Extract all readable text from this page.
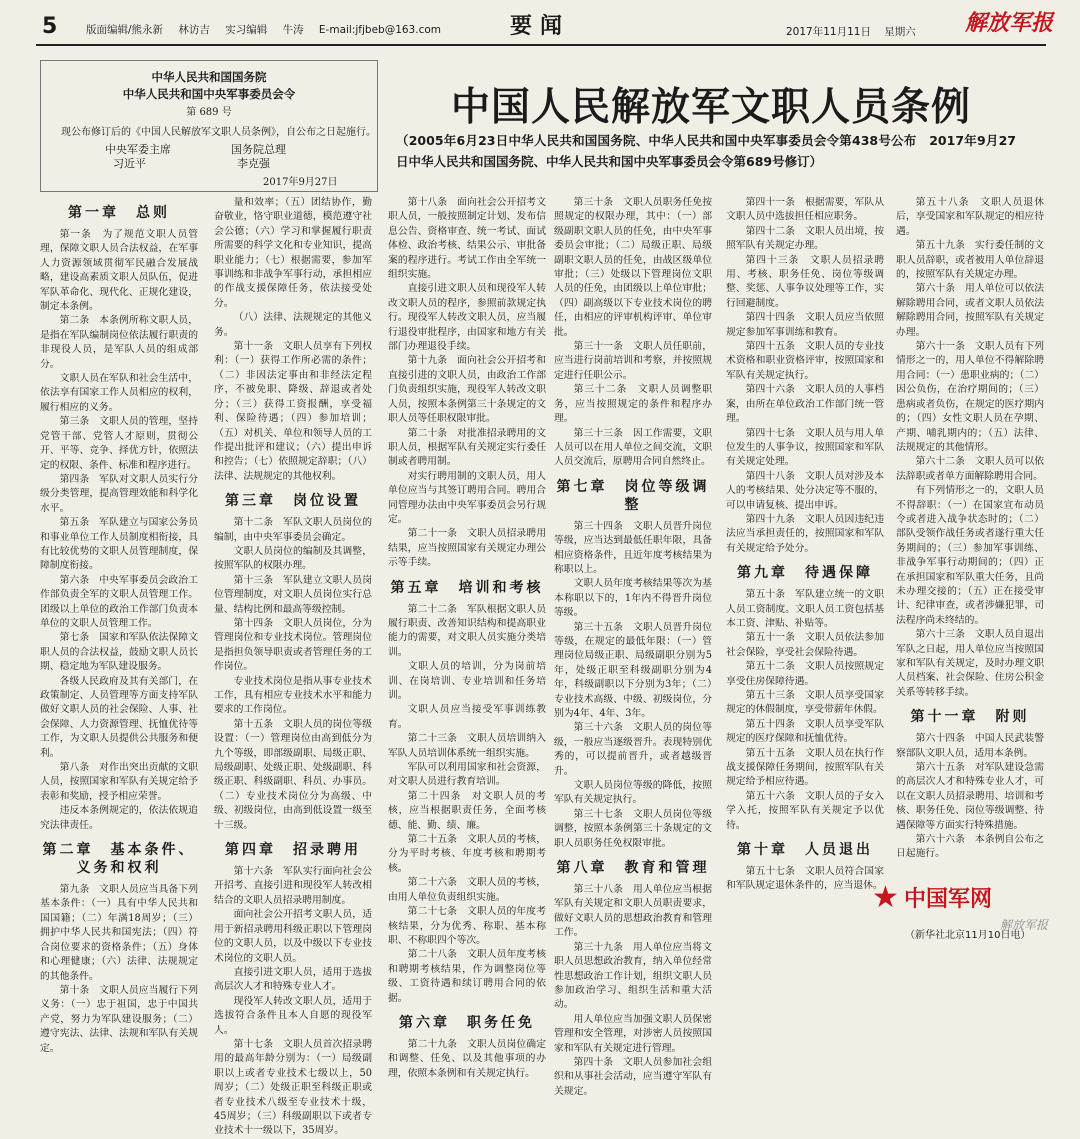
5	版面编辑/熊永新 林访吉 实习编辑 牛涛 E-mail:jfjbeb@163.com	要闻	2017年11月11日 星期六	解放军报
中华人民共和国国务院
中华人民共和国中央军事委员会令
第 689 号
现公布修订后的《中国人民解放军文职人员条例》，自公布之日起施行。
中央军委主席
习近平
国务院总理
李克强
2017年9月27日
中国人民解放军文职人员条例
（2005年6月23日中华人民共和国国务院、中华人民共和国中央军事委员会令第438号公布　2017年9月27日中华人民共和国国务院、中华人民共和国中央军事委员会令第689号修订）
第一章　总则

第一条　为了规范文职人员管理，保障文职人员合法权益，在军事人力资源领域贯彻军民融合发展战略，建设高素质文职人员队伍，促进军队革命化、现代化、正规化建设，制定本条例。

第二条　本条例所称文职人员，是指在军队编制岗位依法履行职责的非现役人员，是军队人员的组成部分。

文职人员在军队和社会生活中，依法享有国家工作人员相应的权利，履行相应的义务。

第三条　文职人员的管理，坚持党管干部、党管人才原则，贯彻公开、平等、竞争、择优方针，依照法定的权限、条件、标准和程序进行。

第四条　军队对文职人员实行分级分类管理，提高管理效能和科学化水平。

第五条　军队建立与国家公务员和事业单位工作人员制度相衔接，具有比较优势的文职人员管理制度，保障制度衔接。

第六条　中央军事委员会政治工作部负责全军的文职人员管理工作。团级以上单位的政治工作部门负责本单位的文职人员管理工作。

第七条　国家和军队依法保障文职人员的合法权益，鼓励文职人员长期、稳定地为军队建设服务。

各级人民政府及其有关部门，在政策制定、人员管理等方面支持军队做好文职人员的社会保险、人事、社会保障、人力资源管理、抚恤优待等工作，为文职人员提供公共服务和便利。

第八条　对作出突出贡献的文职人员，按照国家和军队有关规定给予表彰和奖励，授予相应荣誉。

违反本条例规定的，依法依规追究法律责任。

第二章　基本条件、义务和权利

第九条　文职人员应当具备下列基本条件：（一）具有中华人民共和国国籍；（二）年满18周岁；（三）拥护中华人民共和国宪法；（四）符合岗位要求的资格条件；（五）身体和心理健康；（六）法律、法规规定的其他条件。

第十条　文职人员应当履行下列义务：（一）忠于祖国，忠于中国共产党，努力为军队建设服务；（二）遵守宪法、法律、法规和军队有关规定。

量和效率；（五）团结协作，勤奋敬业，恪守职业道德，模范遵守社会公德；（六）学习和掌握履行职责所需要的科学文化和专业知识，提高职业能力；（七）根据需要，参加军事训练和非战争军事行动，承担相应的作战支援保障任务，依法接受处分。

（八）法律、法规规定的其他义务。

第十一条　文职人员享有下列权利：（一）获得工作所必需的条件；（二）非因法定事由和非经法定程序，不被免职、降级、辞退或者处分；（三）获得工资报酬，享受福利、保险待遇；（四）参加培训；（五）对机关、单位和领导人员的工作提出批评和建议；（六）提出申诉和控告；（七）依照规定辞职；（八）法律、法规规定的其他权利。

第三章　岗位设置

第十二条　军队文职人员岗位的编制，由中央军事委员会确定。

文职人员岗位的编制及其调整，按照军队的权限办理。

第十三条　军队建立文职人员岗位管理制度，对文职人员岗位实行总量、结构比例和最高等级控制。

第十四条　文职人员岗位，分为管理岗位和专业技术岗位。管理岗位是指担负领导职责或者管理任务的工作岗位。

专业技术岗位是指从事专业技术工作，具有相应专业技术水平和能力要求的工作岗位。

第十五条　文职人员的岗位等级设置：（一）管理岗位由高到低分为九个等级，即部级副职、局级正职、局级副职、处级正职、处级副职、科级正职、科级副职、科员、办事员。（二）专业技术岗位分为高级、中级、初级岗位，由高到低设置一级至十三级。

第四章　招录聘用

第十六条　军队实行面向社会公开招考、直接引进和现役军人转改相结合的文职人员招录聘用制度。

面向社会公开招考文职人员，适用于新招录聘用科级正职以下管理岗位的文职人员，以及中级以下专业技术岗位的文职人员。

直接引进文职人员，适用于选拔高层次人才和特殊专业人才。

现役军人转改文职人员，适用于选拔符合条件且本人自愿的现役军人。

第十七条　文职人员首次招录聘用的最高年龄分别为：（一）局级副职以上或者专业技术七级以上，50周岁；（二）处级正职至科级正职或者专业技术八级至专业技术十级，45周岁；（三）科级副职以下或者专业技术十一级以下，35周岁。

第十八条　面向社会公开招考文职人员，一般按照制定计划、发布信息公告、资格审查、统一考试、面试体检、政治考核、结果公示、审批备案的程序进行。考试工作由全军统一组织实施。

直接引进文职人员和现役军人转改文职人员的程序，参照前款规定执行。现役军人转改文职人员，应当履行退役审批程序，由国家和地方有关部门办理退役手续。

第十九条　面向社会公开招考和直接引进的文职人员，由政治工作部门负责组织实施，现役军人转改文职人员，按照本条例第三十条规定的文职人员等任职权限审批。

第二十条　对批准招录聘用的文职人员，根据军队有关规定实行委任制或者聘用制。

对实行聘用制的文职人员，用人单位应当与其签订聘用合同。聘用合同管理办法由中央军事委员会另行规定。

第二十一条　文职人员招录聘用结果，应当按照国家有关规定办理公示等手续。

第五章　培训和考核

第二十二条　军队根据文职人员履行职责、改善知识结构和提高职业能力的需要，对文职人员实施分类培训。

文职人员的培训，分为岗前培训、在岗培训、专业培训和任务培训。

文职人员应当接受军事训练教育。

第二十三条　文职人员培训纳入军队人员培训体系统一组织实施。

军队可以利用国家和社会资源，对文职人员进行教育培训。

第二十四条　对文职人员的考核，应当根据职责任务，全面考核德、能、勤、绩、廉。

第二十五条　文职人员的考核，分为平时考核、年度考核和聘期考核。

第二十六条　文职人员的考核，由用人单位负责组织实施。

第二十七条　文职人员的年度考核结果，分为优秀、称职、基本称职、不称职四个等次。

第二十八条　文职人员年度考核和聘期考核结果，作为调整岗位等级、工资待遇和续订聘用合同的依据。

第六章　职务任免

第二十九条　文职人员岗位确定和调整、任免、以及其他事项的办理，依照本条例和有关规定执行。

第三十条　文职人员职务任免按照规定的权限办理，其中：（一）部级副职文职人员的任免，由中央军事委员会审批；（二）局级正职、局级副职文职人员的任免，由战区级单位审批；（三）处级以下管理岗位文职人员的任免，由团级以上单位审批；（四）副高级以下专业技术岗位的聘任，由相应的评审机构评审、单位审批。

第三十一条　文职人员任职前，应当进行岗前培训和考察，并按照规定进行任职公示。

第三十二条　文职人员调整职务，应当按照规定的条件和程序办理。

第三十三条　因工作需要，文职人员可以在用人单位之间交流，文职人员交流后，原聘用合同自然终止。

第七章　岗位等级调整

第三十四条　文职人员晋升岗位等级，应当达到最低任职年限，具备相应资格条件，且近年度考核结果为称职以上。

文职人员年度考核结果等次为基本称职以下的，1年内不得晋升岗位等级。

第三十五条　文职人员晋升岗位等级，在规定的最低年限：（一）管理岗位局级正职、局级副职分别为5年，处级正职至科级副职分别为4年，科级副职以下分别为3年；（二）专业技术高级、中级、初级岗位，分别为4年、4年、3年。

第三十六条　文职人员的岗位等级，一般应当逐级晋升。表现特别优秀的，可以提前晋升，或者越级晋升。

文职人员岗位等级的降低，按照军队有关规定执行。

第三十七条　文职人员岗位等级调整，按照本条例第三十条规定的文职人员职务任免权限审批。

第八章　教育和管理

第三十八条　用人单位应当根据军队有关规定和文职人员职责要求，做好文职人员的思想政治教育和管理工作。

第三十九条　用人单位应当将文职人员思想政治教育，纳入单位经常性思想政治工作计划，组织文职人员参加政治学习、组织生活和重大活动。

用人单位应当加强文职人员保密管理和安全管理，对涉密人员按照国家和军队有关规定进行管理。

第四十条　文职人员参加社会组织和从事社会活动，应当遵守军队有关规定。

第四十一条　根据需要，军队从文职人员中选拔担任相应职务。

第四十二条　文职人员出境，按照军队有关规定办理。

第四十三条　文职人员招录聘用、考核、职务任免、岗位等级调整、奖惩、人事争议处理等工作，实行回避制度。

第四十四条　文职人员应当依照规定参加军事训练和教育。

第四十五条　文职人员的专业技术资格和职业资格评审，按照国家和军队有关规定执行。

第四十六条　文职人员的人事档案，由所在单位政治工作部门统一管理。

第四十七条　文职人员与用人单位发生的人事争议，按照国家和军队有关规定处理。

第四十八条　文职人员对涉及本人的考核结果、处分决定等不服的，可以申请复核、提出申诉。

第四十九条　文职人员因违纪违法应当承担责任的，按照国家和军队有关规定给予处分。

第九章　待遇保障

第五十条　军队建立统一的文职人员工资制度。文职人员工资包括基本工资、津贴、补贴等。

第五十一条　文职人员依法参加社会保险，享受社会保险待遇。

第五十二条　文职人员按照规定享受住房保障待遇。

第五十三条　文职人员享受国家规定的休假制度，享受带薪年休假。

第五十四条　文职人员享受军队规定的医疗保障和抚恤优待。

第五十五条　文职人员在执行作战支援保障任务期间，按照军队有关规定给予相应待遇。

第五十六条　文职人员的子女入学入托，按照军队有关规定予以优待。

第十章　人员退出

第五十七条　文职人员符合国家和军队规定退休条件的，应当退休。

第五十八条　文职人员退休后，享受国家和军队规定的相应待遇。

第五十九条　实行委任制的文职人员辞职，或者被用人单位辞退的，按照军队有关规定办理。

第六十条　用人单位可以依法解除聘用合同，或者文职人员依法解除聘用合同，按照军队有关规定办理。

第六十一条　文职人员有下列情形之一的，用人单位不得解除聘用合同：（一）患职业病的；（二）因公负伤，在治疗期间的；（三）患病或者负伤，在规定的医疗期内的；（四）女性文职人员在孕期、产期、哺乳期内的；（五）法律、法规规定的其他情形。

第六十二条　文职人员可以依法辞职或者单方面解除聘用合同。

有下列情形之一的，文职人员不得辞职：（一）在国家宣布动员令或者进入战争状态时的；（二）部队受领作战任务或者遂行重大任务期间的；（三）参加军事训练、非战争军事行动期间的；（四）正在承担国家和军队重大任务，且尚未办理交接的；（五）正在接受审计、纪律审查，或者涉嫌犯罪，司法程序尚未终结的。

第六十三条　文职人员自退出军队之日起，用人单位应当按照国家和军队有关规定，及时办理文职人员档案、社会保险、住房公积金关系等转移手续。

第十一章　附则

第六十四条　中国人民武装警察部队文职人员，适用本条例。

第六十五条　对军队建设急需的高层次人才和特殊专业人才，可以在文职人员招录聘用、培训和考核、职务任免、岗位等级调整、待遇保障等方面实行特殊措施。

第六十六条　本条例自公布之日起施行。

★ 中国军网
（新华社北京11月10日电）
解放军报
